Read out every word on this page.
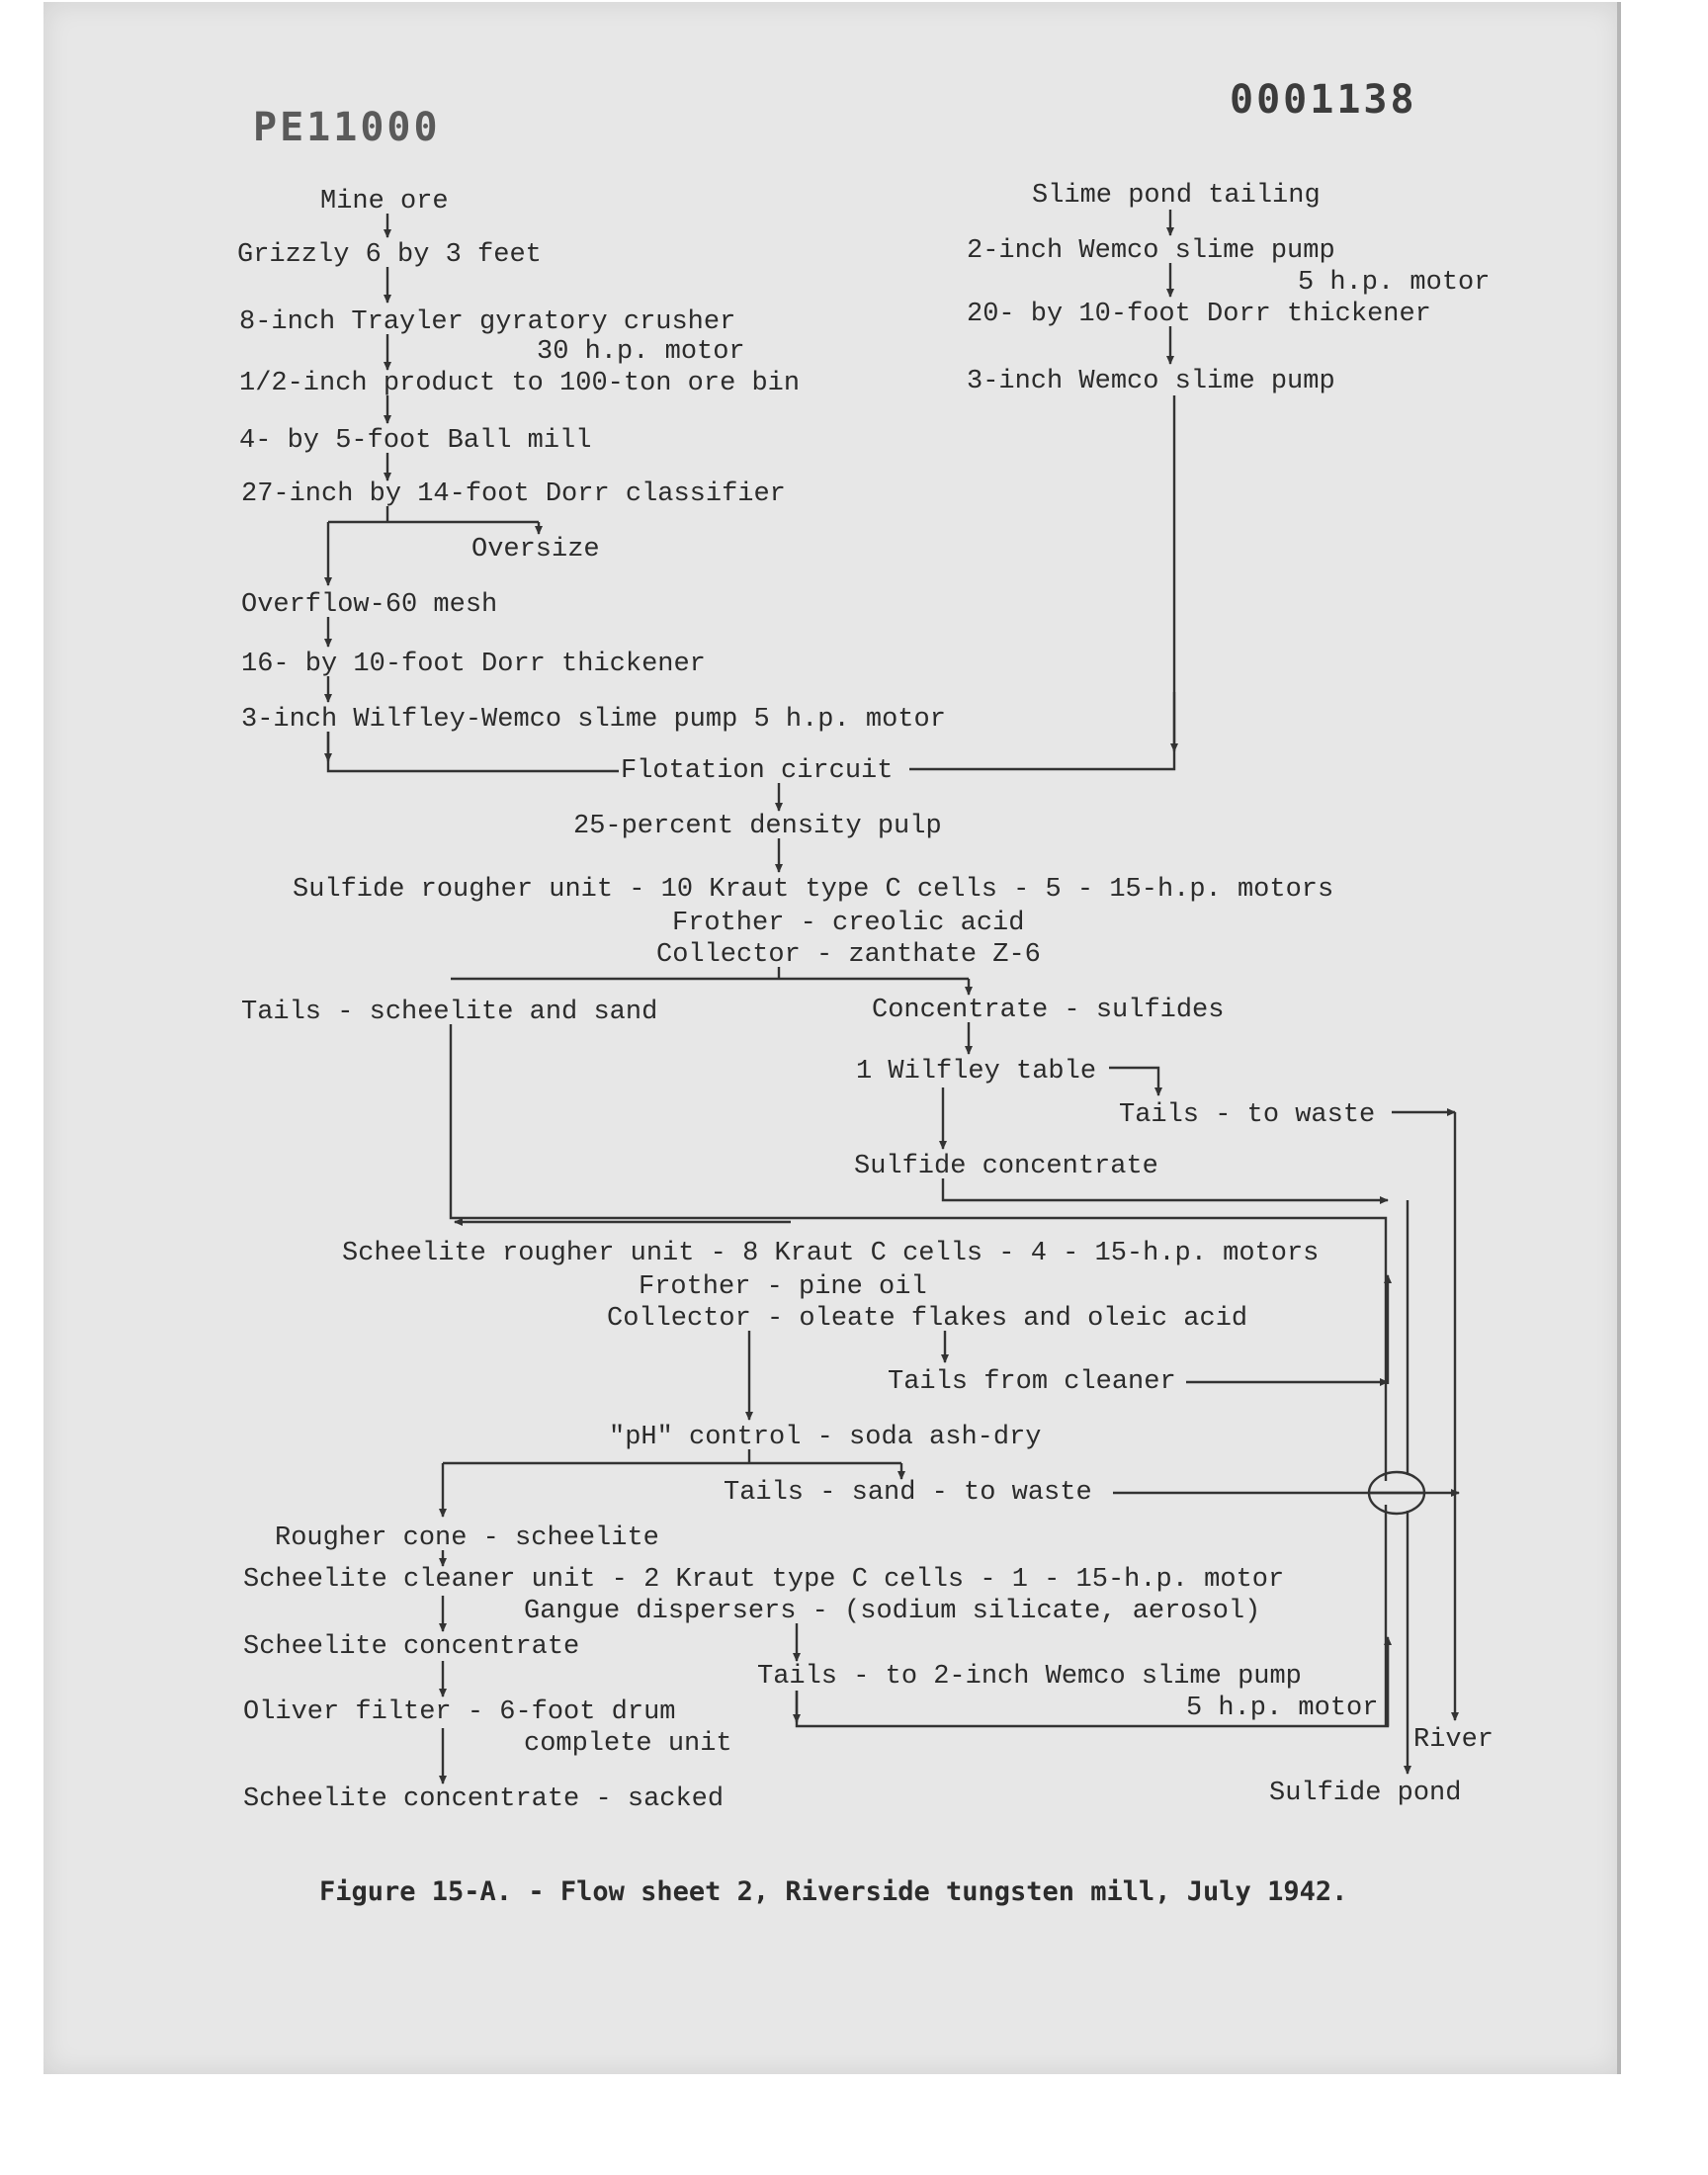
PE11000
0001138
Mine ore
Grizzly 6 by 3 feet
8-inch Trayler gyratory crusher
30 h.p. motor
1/2-inch product to 100-ton ore bin
4- by 5-foot Ball mill
27-inch by 14-foot Dorr classifier
Oversize
Overflow-60 mesh
16- by 10-foot Dorr thickener
3-inch Wilfley-Wemco slime pump 5 h.p. motor
Slime pond tailing
2-inch Wemco slime pump
5 h.p. motor
20- by 10-foot Dorr thickener
3-inch Wemco slime pump
Flotation circuit
25-percent density pulp
Sulfide rougher unit - 10 Kraut type C cells - 5 - 15-h.p. motors
Frother - creolic acid
Collector - zanthate Z-6
Tails - scheelite and sand	Concentrate - sulfides
1 Wilfley table
Tails - to waste
Sulfide concentrate
Scheelite rougher unit - 8 Kraut C cells - 4 - 15-h.p. motors
Frother - pine oil
Collector - oleate flakes and oleic acid
Tails from cleaner
"pH" control - soda ash-dry
Tails - sand - to waste
Rougher cone - scheelite
Scheelite cleaner unit - 2 Kraut type C cells - 1 - 15-h.p. motor
Gangue dispersers - (sodium silicate, aerosol)
Scheelite concentrate
Tails - to 2-inch Wemco slime pump
5 h.p. motor
Oliver filter - 6-foot drum
complete unit	River
Scheelite concentrate - sacked	Sulfide pond
Figure 15-A. - Flow sheet 2, Riverside tungsten mill, July 1942.
